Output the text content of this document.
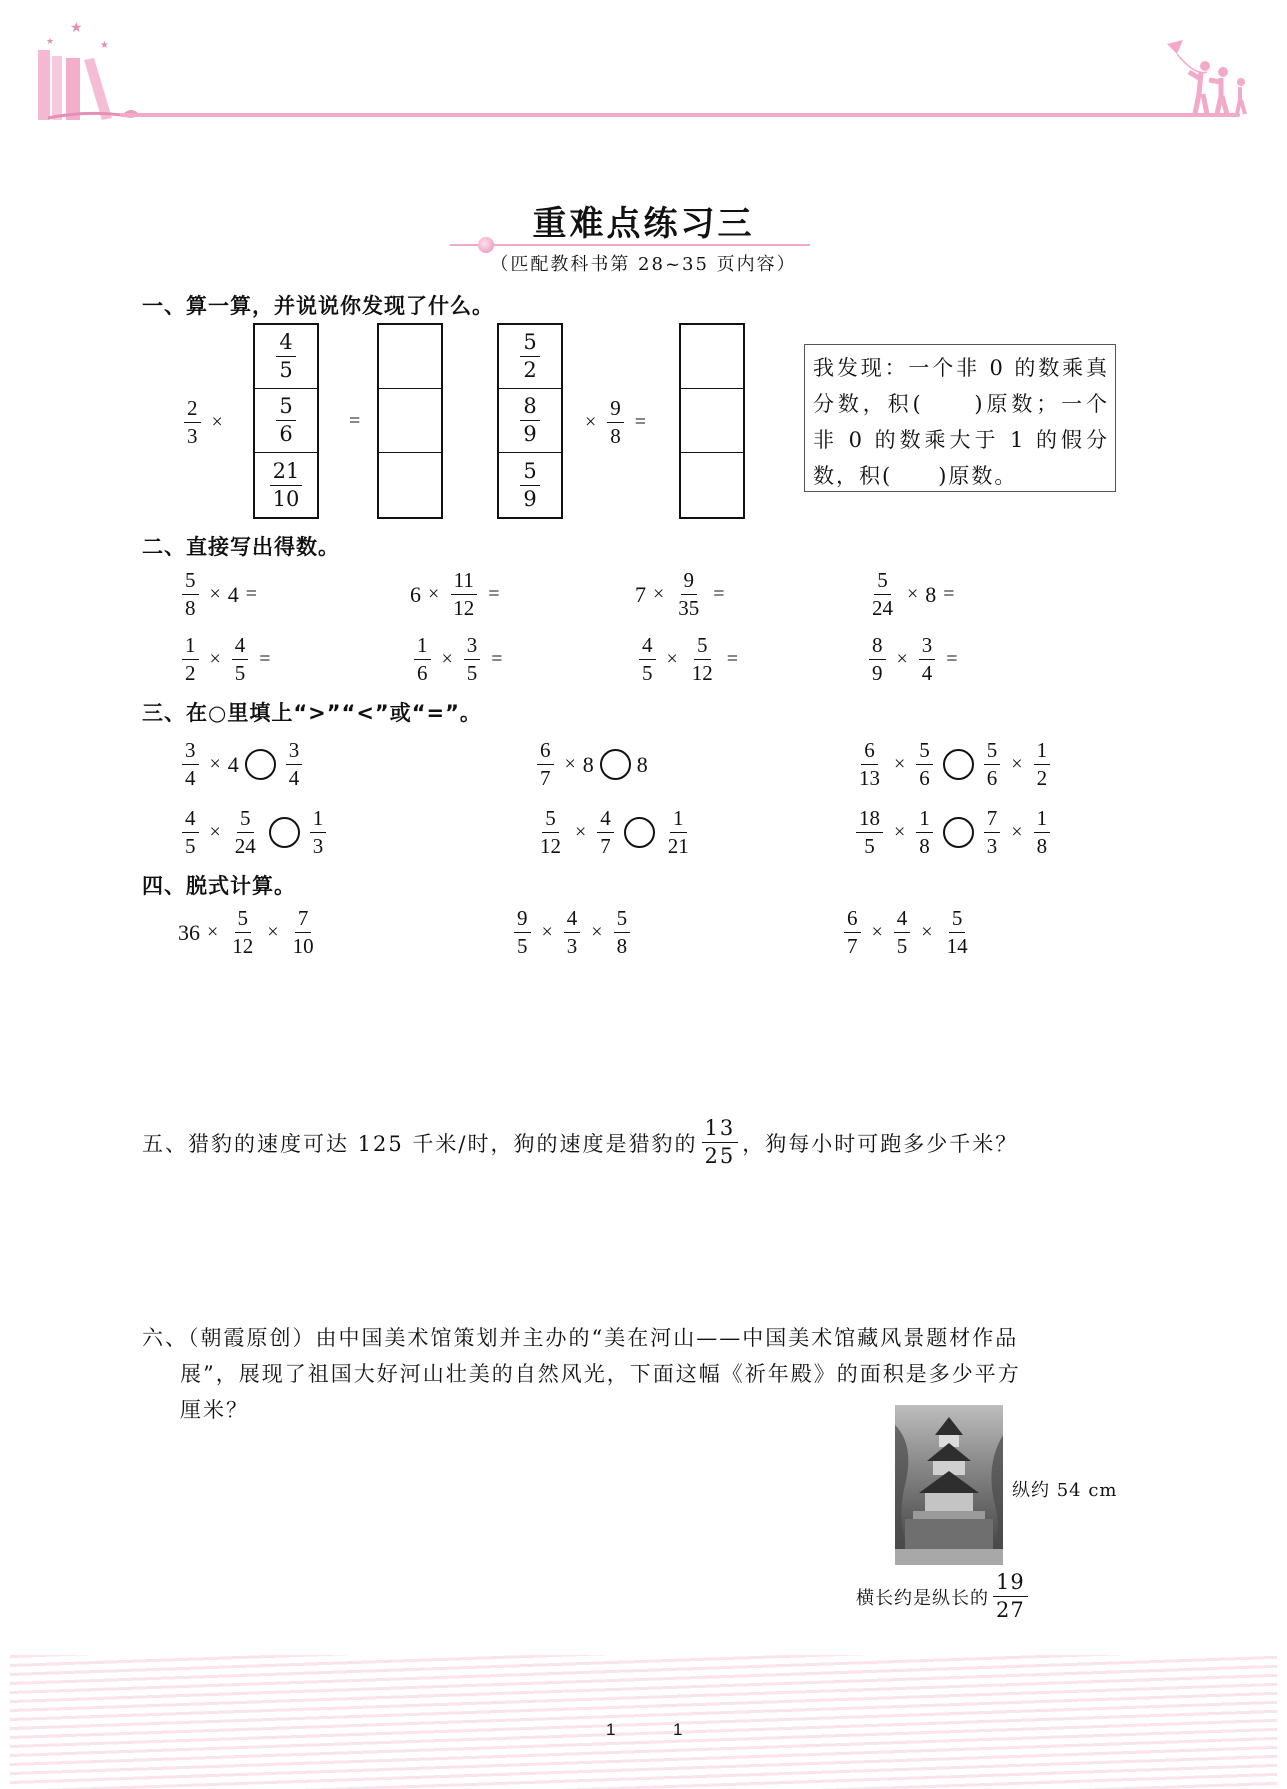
★
★
★
重难点练习三
（匹配教科书第 28~35 页内容）
一、算一算，并说说你发现了什么。
$\frac{2}{3}$ ×
$\frac{4}{5}$
$\frac{5}{6}$
$\frac{21}{10}$
=
$\frac{5}{2}$
$\frac{8}{9}$
$\frac{5}{9}$
× $\frac{9}{8}$ =
我发现：一个非 0 的数乘真分数，积(　　)原数；一个非 0 的数乘大于 1 的假分数，积(　　)原数。
二、直接写出得数。
$\frac{5}{8} \times 4$ =	$6 \times \frac{11}{12}$ =	$7 \times \frac{9}{35}$ =	$\frac{5}{24} \times 8$ =
$\frac{1}{2} \times \frac{4}{5}$ =	$\frac{1}{6} \times \frac{3}{5}$ =	$\frac{4}{5} \times \frac{5}{12}$ =	$\frac{8}{9} \times \frac{3}{4}$ =
三、在○里填上“>”“<”或“=”。
$\frac{3}{4} \times 4 \frac{3}{4}$	$\frac{6}{7} \times 8$ 8	$\frac{6}{13} \times \frac{5}{6} \frac{5}{6} \times \frac{1}{2}$
$\frac{4}{5} \times \frac{5}{24} \frac{1}{3}$	$\frac{5}{12} \times \frac{4}{7} \frac{1}{21}$	$\frac{18}{5} \times \frac{1}{8} \frac{7}{3} \times \frac{1}{8}$
四、脱式计算。
$36 \times \frac{5}{12} \times \frac{7}{10}$	$\frac{9}{5} \times \frac{4}{3} \times \frac{5}{8}$	$\frac{6}{7} \times \frac{4}{5} \times \frac{5}{14}$
五、猎豹的速度可达 125 千米/时，狗的速度是猎豹的 $\frac{13}{25}$ ，狗每小时可跑多少千米？
六、（朝霞原创）由中国美术馆策划并主办的“美在河山——中国美术馆藏风景题材作品
展”，展现了祖国大好河山壮美的自然风光，下面这幅《祈年殿》的面积是多少平方
厘米？
纵约 54 cm
横长约是纵长的 $\frac{19}{27}$
1	1
